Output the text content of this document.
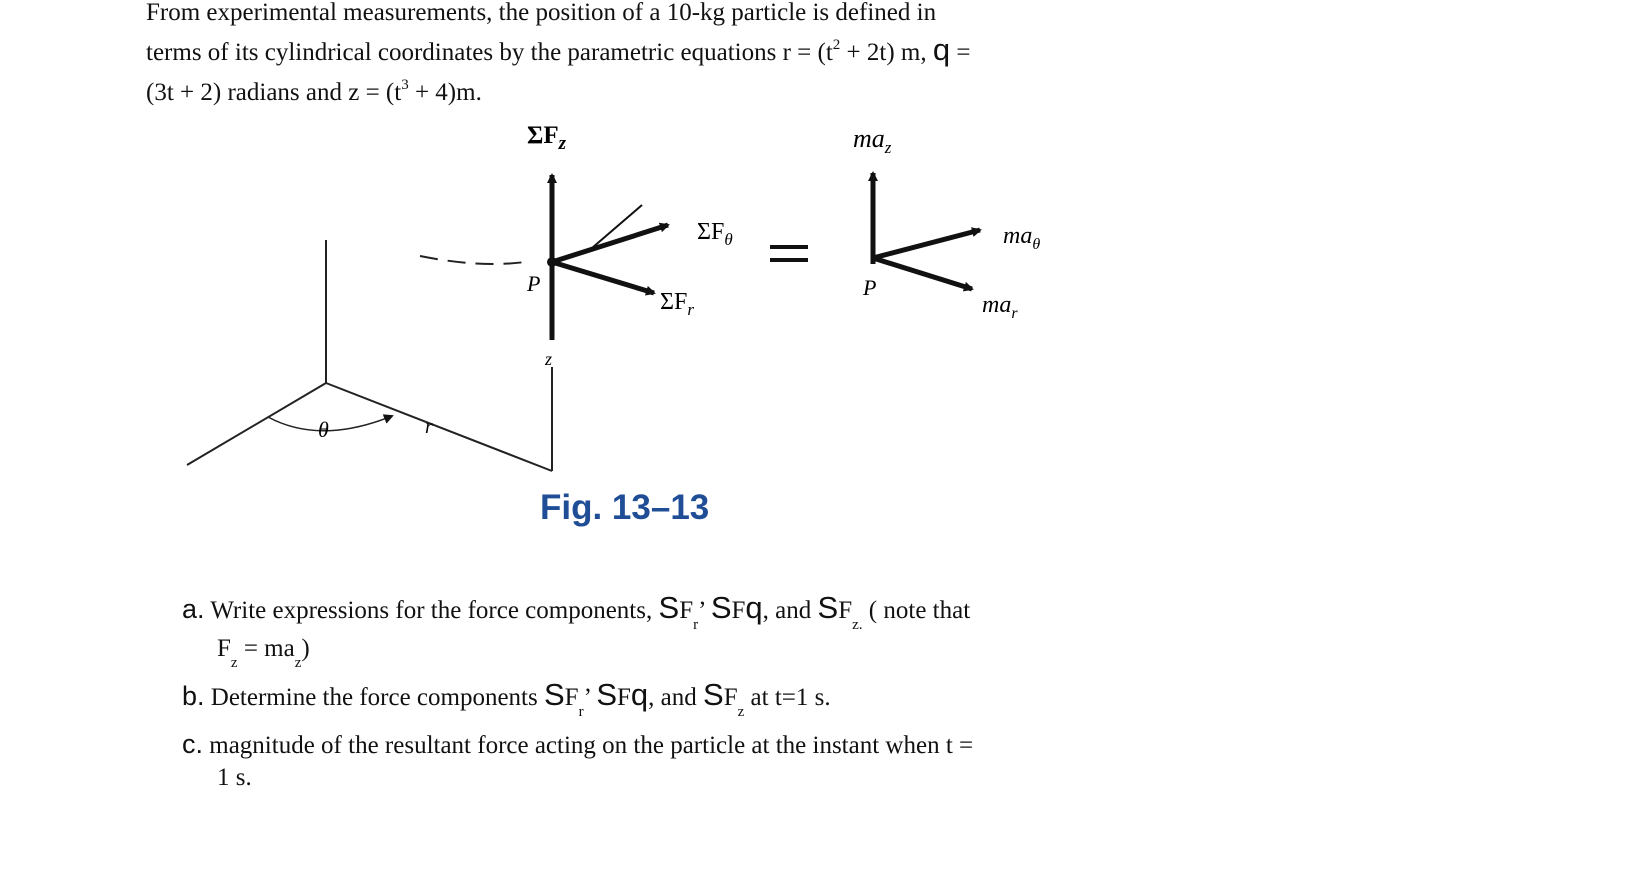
From experimental measurements, the position of a 10-kg particle is defined in
terms of its cylindrical coordinates by the parametric equations $r = (t^2 + 2t)$ m, q =
(3t + 2) radians and $z = (t^3 + 4)m$.
$\Sigma F_z$
$\Sigma F_\theta$
$\Sigma F_r$
$ma_z$
$ma_\theta$
$ma_r$
P	P
z
r
θ
Fig. 13–13
a. Write expressions for the force components, $SF_r$’ SFq, and $SF_{z.}$ ( note that
$F_z = ma_z$)
b. Determine the force components $SF_r$’ SFq, and $SF_z$ at t=1 s.
c. magnitude of the resultant force acting on the particle at the instant when t =
1 s.
